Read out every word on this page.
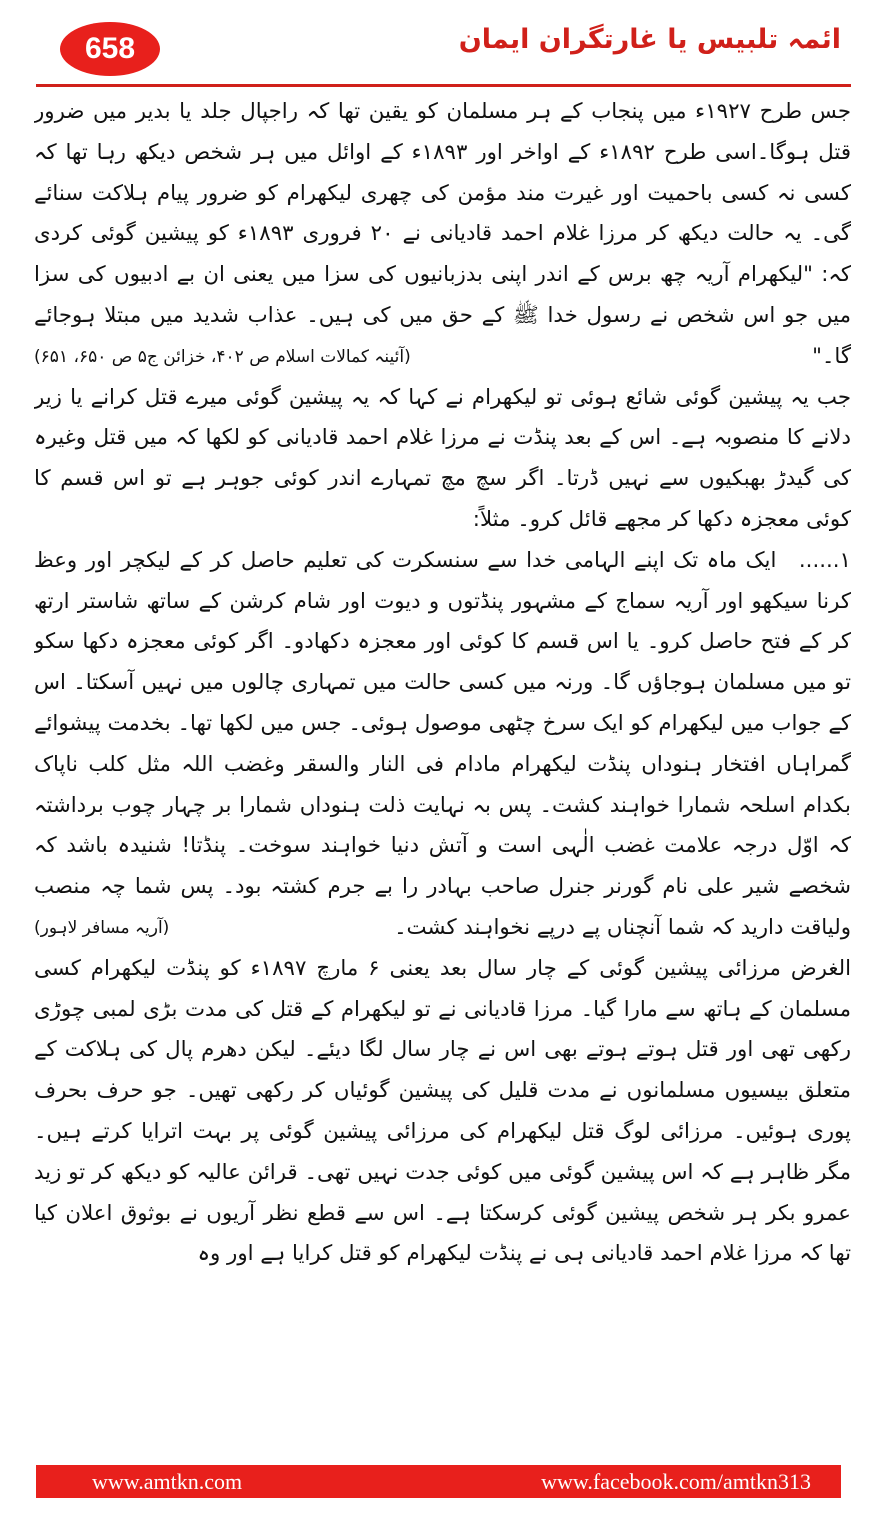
658	ائمہ تلبیس یا غارتگران ایمان

جس طرح ۱۹۲۷ء میں پنجاب کے ہر مسلمان کو یقین تھا کہ راجپال جلد یا بدیر میں ضرور قتل ہوگا۔اسی طرح ۱۸۹۲ء کے اواخر اور ۱۸۹۳ء کے اوائل میں ہر شخص دیکھ رہا تھا کہ کسی نہ کسی باحمیت اور غیرت مند مؤمن کی چھری لیکھرام کو ضرور پیام ہلاکت سنائے گی۔ یہ حالت دیکھ کر مرزا غلام احمد قادیانی نے ۲۰ فروری ۱۸۹۳ء کو پیشین گوئی کردی کہ: "لیکھرام آریہ چھ برس کے اندر اپنی بدزبانیوں کی سزا میں یعنی ان بے ادبیوں کی سزا میں جو اس شخص نے رسول خدا ﷺ کے حق میں کی ہیں۔ عذاب شدید میں مبتلا ہوجائے گا۔"
(آئینہ کمالات اسلام ص ۴۰۲، خزائن ج۵ ص ۶۵۰، ۶۵۱)

جب یہ پیشین گوئی شائع ہوئی تو لیکھرام نے کہا کہ یہ پیشین گوئی میرے قتل کرانے یا زیر دلانے کا منصوبہ ہے۔ اس کے بعد پنڈت نے مرزا غلام احمد قادیانی کو لکھا کہ میں قتل وغیرہ کی گیدڑ بھبکیوں سے نہیں ڈرتا۔ اگر سچ مچ تمہارے اندر کوئی جوہر ہے تو اس قسم کا کوئی معجزہ دکھا کر مجھے قائل کرو۔ مثلاً:

۱...... ایک ماہ تک اپنے الہامی خدا سے سنسکرت کی تعلیم حاصل کر کے لیکچر اور وعظ کرنا سیکھو اور آریہ سماج کے مشہور پنڈتوں و دیوت اور شام کرشن کے ساتھ شاستر ارتھ کر کے فتح حاصل کرو۔ یا اس قسم کا کوئی اور معجزہ دکھادو۔ اگر کوئی معجزہ دکھا سکو تو میں مسلمان ہوجاؤں گا۔ ورنہ میں کسی حالت میں تمہاری چالوں میں نہیں آسکتا۔ اس کے جواب میں لیکھرام کو ایک سرخ چٹھی موصول ہوئی۔ جس میں لکھا تھا۔ بخدمت پیشوائے گمراہاں افتخار ہنوداں پنڈت لیکھرام مادام فی النار والسقر وغضب اللہ مثل کلب ناپاک بکدام اسلحہ شمارا خواہند کشت۔ پس بہ نہایت ذلت ہنوداں شمارا بر چہار چوب برداشتہ کہ اوّل درجہ علامت غضب الٰہی است و آتش دنیا خواہند سوخت۔ پنڈتا! شنیدہ باشد کہ شخصے شیر علی نام گورنر جنرل صاحب بہادر را بے جرم کشتہ بود۔ پس شما چہ منصب ولیاقت دارید کہ شما آنچناں پے درپے نخواہند کشت۔
(آریہ مسافر لاہور)

الغرض مرزائی پیشین گوئی کے چار سال بعد یعنی ۶ مارچ ۱۸۹۷ء کو پنڈت لیکھرام کسی مسلمان کے ہاتھ سے مارا گیا۔ مرزا قادیانی نے تو لیکھرام کے قتل کی مدت بڑی لمبی چوڑی رکھی تھی اور قتل ہوتے ہوتے بھی اس نے چار سال لگا دیئے۔ لیکن دھرم پال کی ہلاکت کے متعلق بیسیوں مسلمانوں نے مدت قلیل کی پیشین گوئیاں کر رکھی تھیں۔ جو حرف بحرف پوری ہوئیں۔ مرزائی لوگ قتل لیکھرام کی مرزائی پیشین گوئی پر بہت اترایا کرتے ہیں۔ مگر ظاہر ہے کہ اس پیشین گوئی میں کوئی جدت نہیں تھی۔ قرائن عالیہ کو دیکھ کر تو زید عمرو بکر ہر شخص پیشین گوئی کرسکتا ہے۔ اس سے قطع نظر آریوں نے بوثوق اعلان کیا تھا کہ مرزا غلام احمد قادیانی ہی نے پنڈت لیکھرام کو قتل کرایا ہے اور وہ

www.amtkn.com	www.facebook.com/amtkn313
